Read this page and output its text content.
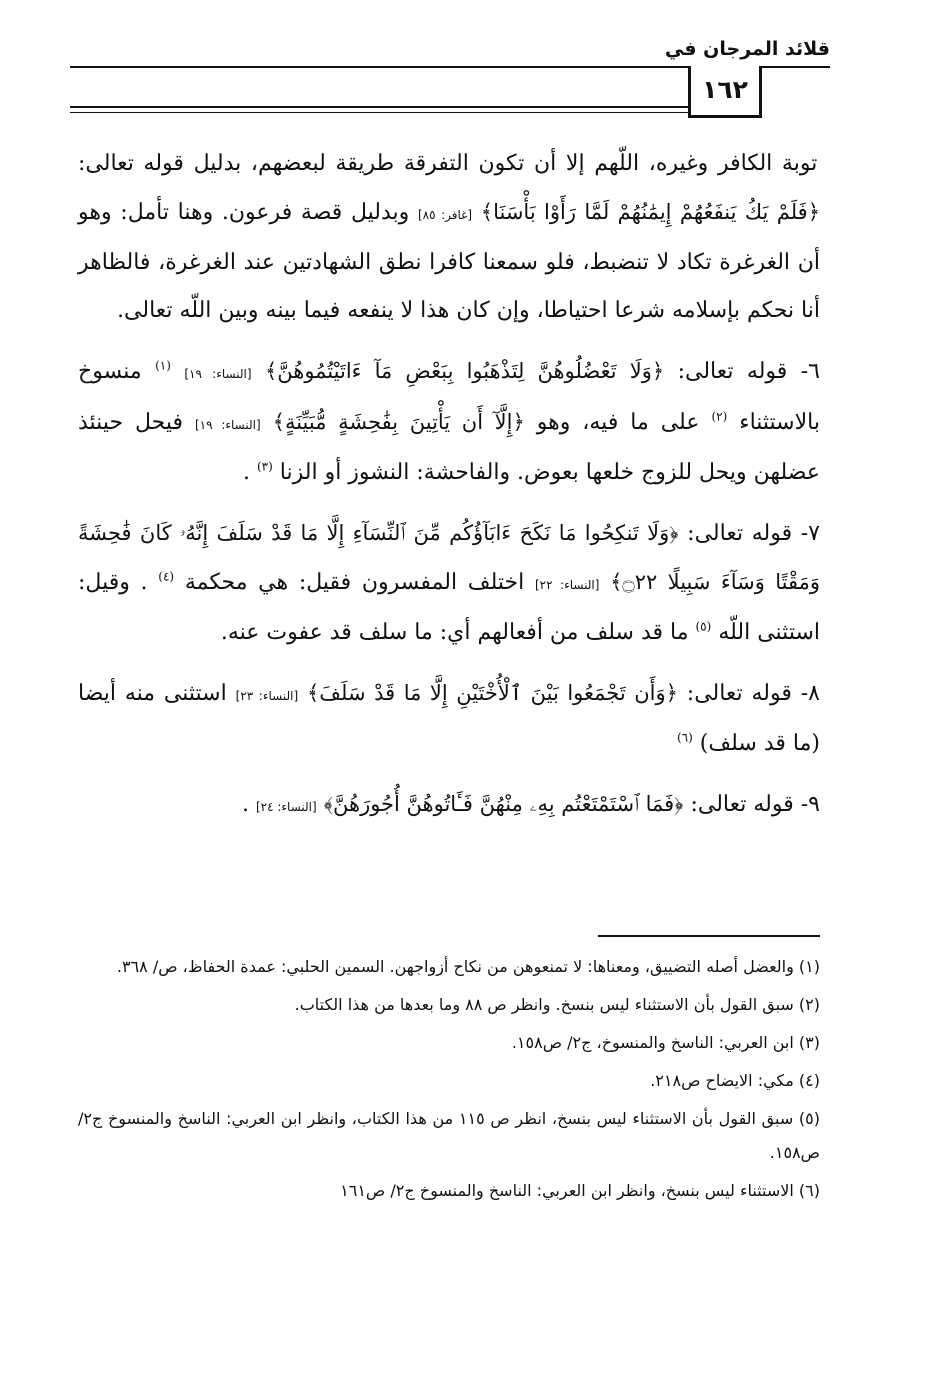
قلائد المرجان في
١٦٢

توبة الكافر وغيره، اللّهم إلا أن تكون التفرقة طريقة لبعضهم، بدليل قوله تعالى: ﴿فَلَمْ يَكُ يَنفَعُهُمْ إِيمَٰنُهُمْ لَمَّا رَأَوْا بَأْسَنَا﴾ [غافر: ٨٥] وبدليل قصة فرعون. وهنا تأمل: وهو أن الغرغرة تكاد لا تنضبط، فلو سمعنا كافرا نطق الشهادتين عند الغرغرة، فالظاهر أنا نحكم بإسلامه شرعا احتياطا، وإن كان هذا لا ينفعه فيما بينه وبين اللّه تعالى.

٦- قوله تعالى: ﴿وَلَا تَعْضُلُوهُنَّ لِتَذْهَبُوا بِبَعْضِ مَآ ءَاتَيْتُمُوهُنَّ﴾ [النساء: ١٩] $^{(١)}$ منسوخ بالاستثناء $^{(٢)}$ على ما فيه، وهو ﴿إِلَّآ أَن يَأْتِينَ بِفَٰحِشَةٍ مُّبَيِّنَةٍ﴾ [النساء: ١٩] فيحل حينئذ عضلهن ويحل للزوج خلعها بعوض. والفاحشة: النشوز أو الزنا $^{(٣)}$ .

٧- قوله تعالى: ﴿وَلَا تَنكِحُوا مَا نَكَحَ ءَابَآؤُكُم مِّنَ ٱلنِّسَآءِ إِلَّا مَا قَدْ سَلَفَ إِنَّهُۥ كَانَ فَٰحِشَةً وَمَقْتًا وَسَآءَ سَبِيلًا ۝٢٢﴾ [النساء: ٢٢] اختلف المفسرون فقيل: هي محكمة $^{(٤)}$ . وقيل: استثنى اللّه $^{(٥)}$ ما قد سلف من أفعالهم أي: ما سلف قد عفوت عنه.

٨- قوله تعالى: ﴿وَأَن تَجْمَعُوا بَيْنَ ٱلْأُخْتَيْنِ إِلَّا مَا قَدْ سَلَفَ﴾ [النساء: ٢٣] استثنى منه أيضا (ما قد سلف) $^{(٦)}$

٩- قوله تعالى: ﴿فَمَا ٱسْتَمْتَعْتُم بِهِۦ مِنْهُنَّ فَـَٔاتُوهُنَّ أُجُورَهُنَّ﴾ [النساء: ٢٤] .

(١) والعضل أصله التضييق، ومعناها: لا تمنعوهن من نكاح أزواجهن. السمين الحلبي: عمدة الحفاظ، ص/ ٣٦٨.

(٢) سبق القول بأن الاستثناء ليس بنسخ. وانظر ص ٨٨ وما بعدها من هذا الكتاب.

(٣) ابن العربي: الناسخ والمنسوخ، ج٢/ ص١٥٨.

(٤) مكي: الايضاح ص٢١٨.

(٥) سبق القول بأن الاستثناء ليس بنسخ، انظر ص ١١٥ من هذا الكتاب، وانظر ابن العربي: الناسخ والمنسوخ ج٢/ ص١٥٨.

(٦) الاستثناء ليس بنسخ، وانظر ابن العربي: الناسخ والمنسوخ ج٢/ ص١٦١
